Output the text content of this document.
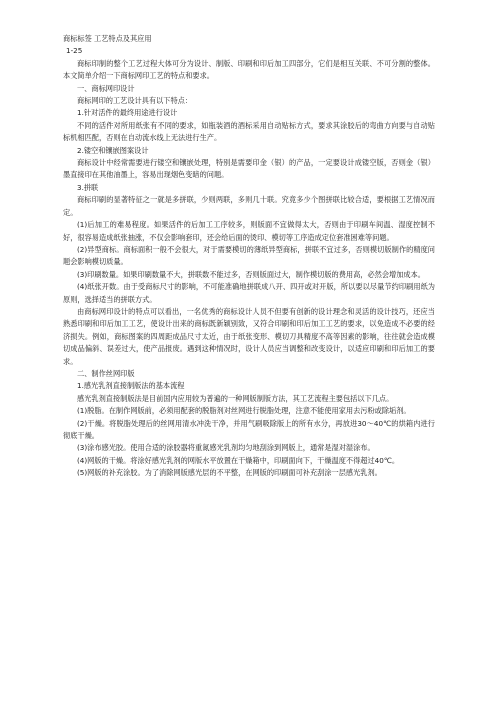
商标标签 工艺特点及其应用
1-25
商标印制的整个工艺过程大体可分为设计、制版、印刷和印后加工四部分，它们是相互关联、不可分割的整体。本文简单介绍一下商标网印工艺的特点和要求。
一、商标网印设计
商标网印的工艺设计具有以下特点：
1.针对活件的最终用途进行设计
不同的活件对所用纸张有不同的要求，如瓶装酒的酒标采用自动贴标方式，要求其涂胶后的弯曲方向要与自动贴标机相匹配，否则在自动流水线上无法进行生产。
2.镂空和镶嵌图案设计
商标设计中经常需要进行镂空和镶嵌处理，特别是需要印金（银）的产品，一定要设计成镂空版，否则金（银）墨直接印在其他油墨上，容易出现烟色变暗的问题。
3.拼联
商标印刷的显著特征之一就是多拼联，少则两联，多则几十联。究竟多少个图拼联比较合适，要根据工艺情况而定。
(1)后加工的难易程度。如果活件的后加工工序较多，则版面不宜做得太大，否则由于印刷车间温、湿度控制不好，很容易造成纸张抽涨，不仅会影响套印，还会给后面的烫印、模切等工序造成定位套准困难等问题。
(2)异型商标。商标面积一般不会很大，对于需要模切的薄纸异型商标，拼联不宜过多，否则模切版制作的精度问题会影响模切质量。
(3)印刷数量。如果印刷数量不大，拼联数不能过多，否则版面过大，制作模切版的费用高，必然会增加成本。
(4)纸张开数。由于受商标尺寸的影响，不可能准确地拼联成八开、四开或对开版，所以要以尽量节约印刷用纸为原则，选择适当的拼联方式。
由商标网印设计的特点可以看出，一名优秀的商标设计人员不但要有创新的设计理念和灵活的设计技巧，还应当熟悉印刷和印后加工工艺，使设计出来的商标既新颖别致，又符合印刷和印后加工工艺的要求，以免造成不必要的经济损失。例如，商标图案的四周距成品尺寸太近，由于纸张变形、模切刀具精度不高等因素的影响，往往就会造成模切成品偏斜、误差过大，使产品报废。遇到这种情况时，设计人员应当调整和改变设计，以适应印刷和印后加工的要求。
二、制作丝网印版
1.感光乳剂直接制版法的基本流程
感光乳剂直接制版法是目前国内应用较为普遍的一种网版制版方法，其工艺流程主要包括以下几点。
(1)脱脂。在制作网版前，必须用配套的脱脂剂对丝网进行脱脂处理，注意不能使用家用去污粉或除垢剂。
(2)干燥。将脱脂处理后的丝网用清水冲洗干净，并用气刷吸除版上的所有水分，再放进30～40℃的烘箱内进行彻底干燥。
(3)涂布感光胶。使用合适的涂胶器将重氮感光乳剂均匀地刮涂到网版上，通常是湿对湿涂布。
(4)网版的干燥。将涂好感光乳剂的网版水平放置在干燥箱中，印刷面向下，干燥温度不得超过40℃。
(5)网版的补充涂胶。为了消除网版感光层的不平整，在网版的印刷面可补充刮涂一层感光乳剂。
